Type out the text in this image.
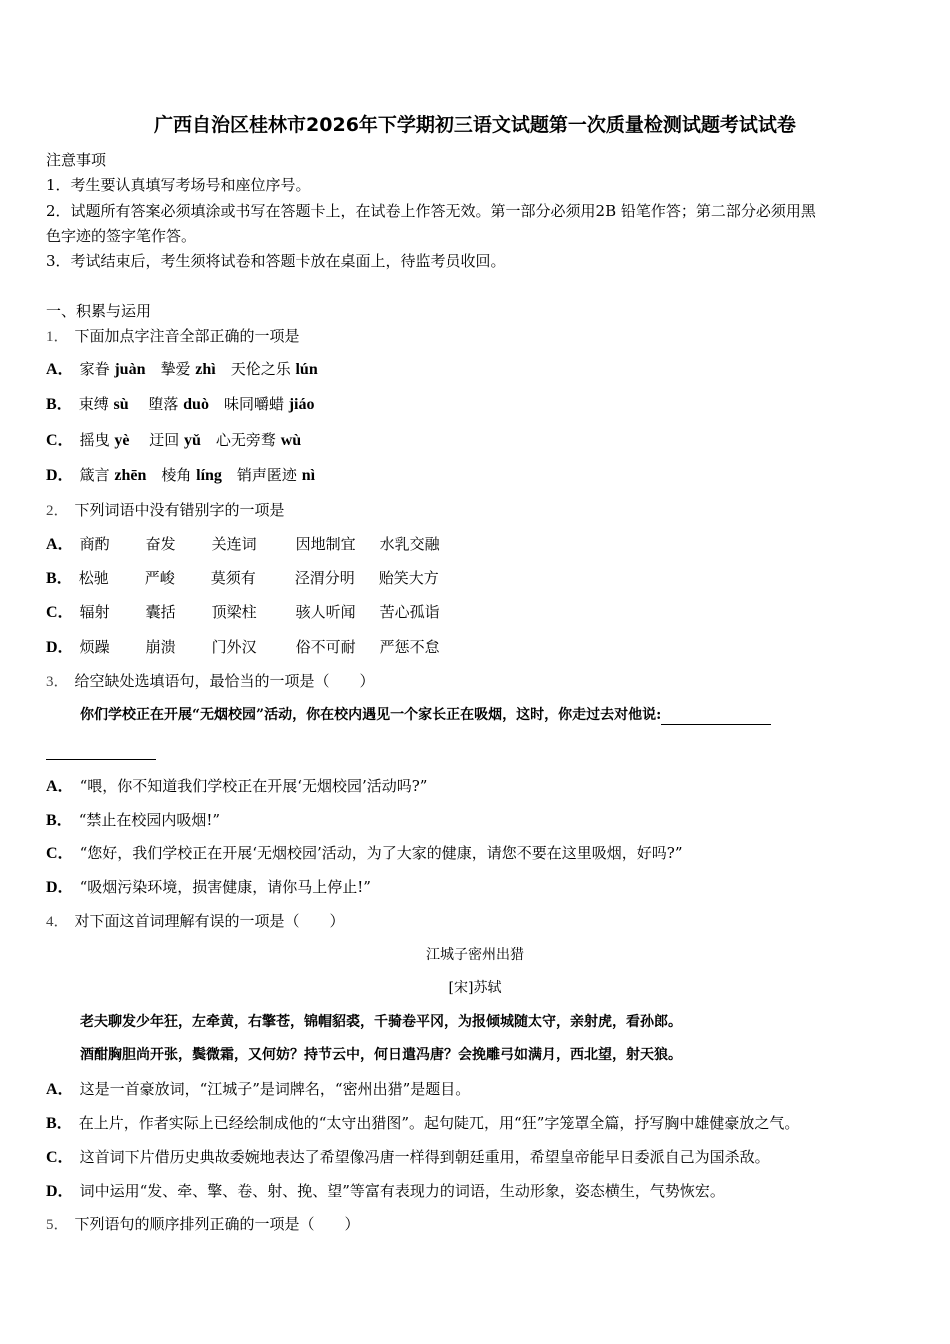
广西自治区桂林市2026年下学期初三语文试题第一次质量检测试题考试试卷
注意事项
1．考生要认真填写考场号和座位序号。
2．试题所有答案必须填涂或书写在答题卡上，在试卷上作答无效。第一部分必须用2B 铅笔作答；第二部分必须用黑
色字迹的签字笔作答。
3．考试结束后，考生须将试卷和答题卡放在桌面上，待监考员收回。
一、积累与运用
1． 下面加点字注音全部正确的一项是
A． 家眷 juàn　摯爱 zhì　天伦之乐 lún
B． 束缚 sù　 堕落 duò　味同嚼蜡 jiáo
C． 摇曳 yè　 迂回 yǔ　心无旁骛 wù
D． 箴言 zhēn　棱角 líng　销声匿迹 nì
2． 下列词语中没有错别字的一项是
A． 商酌 奋发 关连词	因地制宜 水乳交融
B． 松驰 严峻 莫须有	泾渭分明 贻笑大方
C． 辐射 囊括 顶梁柱	骇人听闻 苦心孤诣
D． 烦躁 崩溃 门外汉	俗不可耐 严惩不怠
3． 给空缺处选填语句，最恰当的一项是（　　）
你们学校正在开展“无烟校园”活动，你在校内遇见一个家长正在吸烟，这时，你走过去对他说:
A． “喂，你不知道我们学校正在开展‘无烟校园’活动吗?”
B． “禁止在校园内吸烟!”
C． “您好，我们学校正在开展‘无烟校园’活动，为了大家的健康，请您不要在这里吸烟，好吗?”
D． “吸烟污染环境，损害健康，请你马上停止!”
4． 对下面这首词理解有误的一项是（　　）
江城子密州出猎
[宋]苏轼
老夫聊发少年狂，左牵黄，右擎苍，锦帽貂裘，千骑卷平冈，为报倾城随太守，亲射虎，看孙郎。
酒酣胸胆尚开张，鬓微霜，又何妨？持节云中，何日遣冯唐？会挽雕弓如满月，西北望，射天狼。
A． 这是一首豪放词，“江城子”是词牌名，“密州出猎”是题目。
B． 在上片，作者实际上已经绘制成他的“太守出猎图”。起句陡兀，用“狂”字笼罩全篇，抒写胸中雄健豪放之气。
C． 这首词下片借历史典故委婉地表达了希望像冯唐一样得到朝廷重用，希望皇帝能早日委派自己为国杀敌。
D． 词中运用“发、牵、擎、卷、射、挽、望”等富有表现力的词语，生动形象，姿态横生，气势恢宏。
5． 下列语句的顺序排列正确的一项是（　　）
